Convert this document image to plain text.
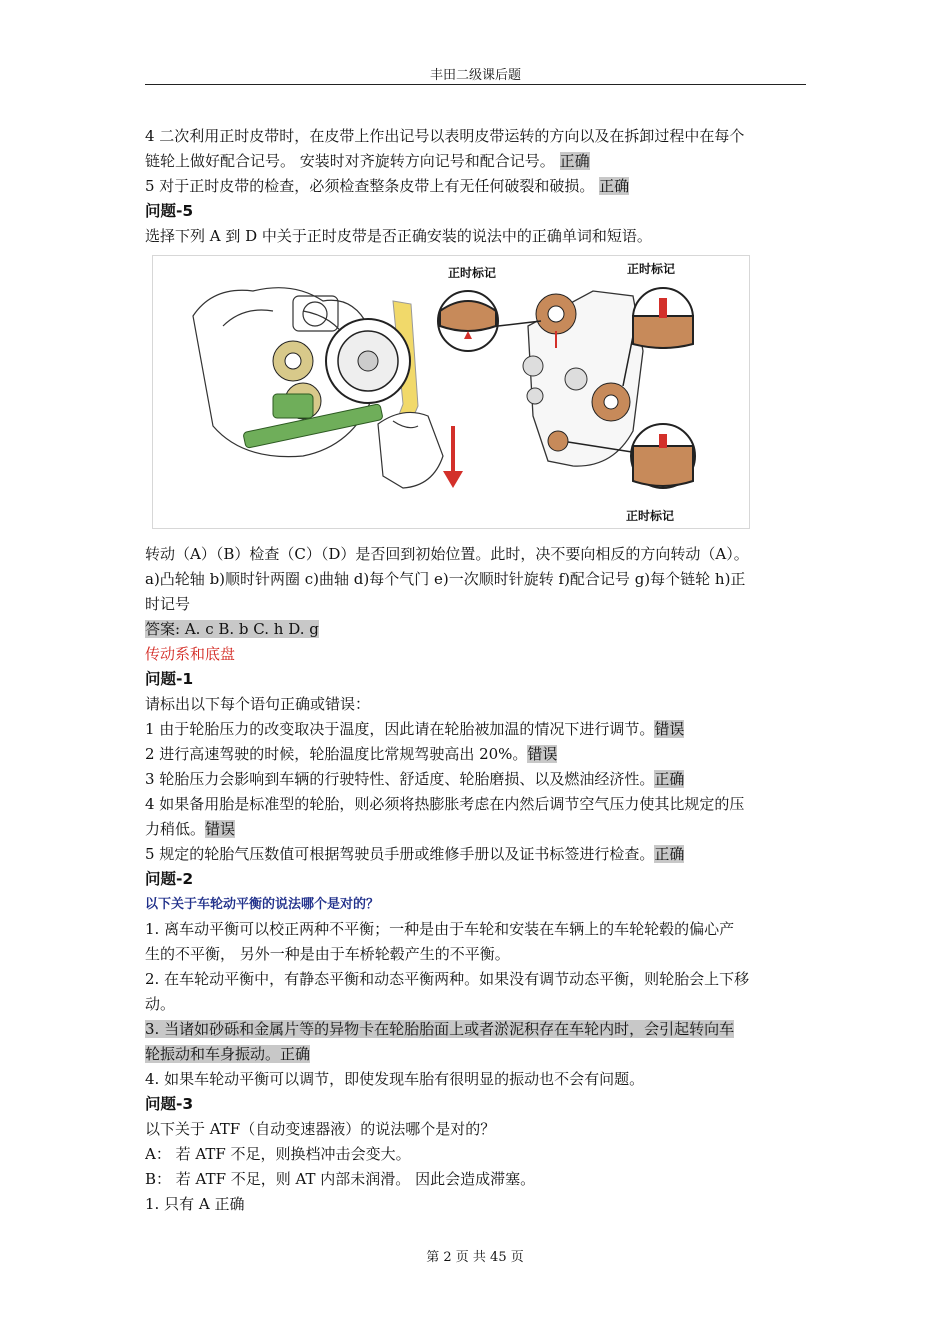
丰田二级课后题
4 二次利用正时皮带时，在皮带上作出记号以表明皮带运转的方向以及在拆卸过程中在每个
链轮上做好配合记号。 安装时对齐旋转方向记号和配合记号。 正确
5 对于正时皮带的检查，必须检查整条皮带上有无任何破裂和破损。 正确
问题-5
选择下列 A 到 D 中关于正时皮带是否正确安装的说法中的正确单词和短语。
正时标记	正时标记
正时标记
转动（A）（B）检查（C）（D）是否回到初始位置。此时，决不要向相反的方向转动（A）。
a)凸轮轴 b)顺时针两圈 c)曲轴 d)每个气门 e)一次顺时针旋转 f)配合记号 g)每个链轮 h)正
时记号
答案: A. c B. b C. h D. g
传动系和底盘
问题-1
请标出以下每个语句正确或错误：
1 由于轮胎压力的改变取决于温度，因此请在轮胎被加温的情况下进行调节。错误
2 进行高速驾驶的时候，轮胎温度比常规驾驶高出 20%。错误
3 轮胎压力会影响到车辆的行驶特性、舒适度、轮胎磨损、以及燃油经济性。正确
4 如果备用胎是标准型的轮胎，则必须将热膨胀考虑在内然后调节空气压力使其比规定的压
力稍低。错误
5 规定的轮胎气压数值可根据驾驶员手册或维修手册以及证书标签进行检查。正确
问题-2
以下关于车轮动平衡的说法哪个是对的？
1. 离车动平衡可以校正两种不平衡；一种是由于车轮和安装在车辆上的车轮轮毂的偏心产
生的不平衡， 另外一种是由于车桥轮毂产生的不平衡。
2. 在车轮动平衡中，有静态平衡和动态平衡两种。如果没有调节动态平衡，则轮胎会上下移
动。
3. 当诸如砂砾和金属片等的异物卡在轮胎胎面上或者淤泥积存在车轮内时，会引起转向车
轮振动和车身振动。正确
4. 如果车轮动平衡可以调节，即使发现车胎有很明显的振动也不会有问题。
问题-3
以下关于 ATF（自动变速器液）的说法哪个是对的？
A： 若 ATF 不足，则换档冲击会变大。
B： 若 ATF 不足，则 AT 内部未润滑。 因此会造成滞塞。
1. 只有 A 正确
第 2 页 共 45 页
